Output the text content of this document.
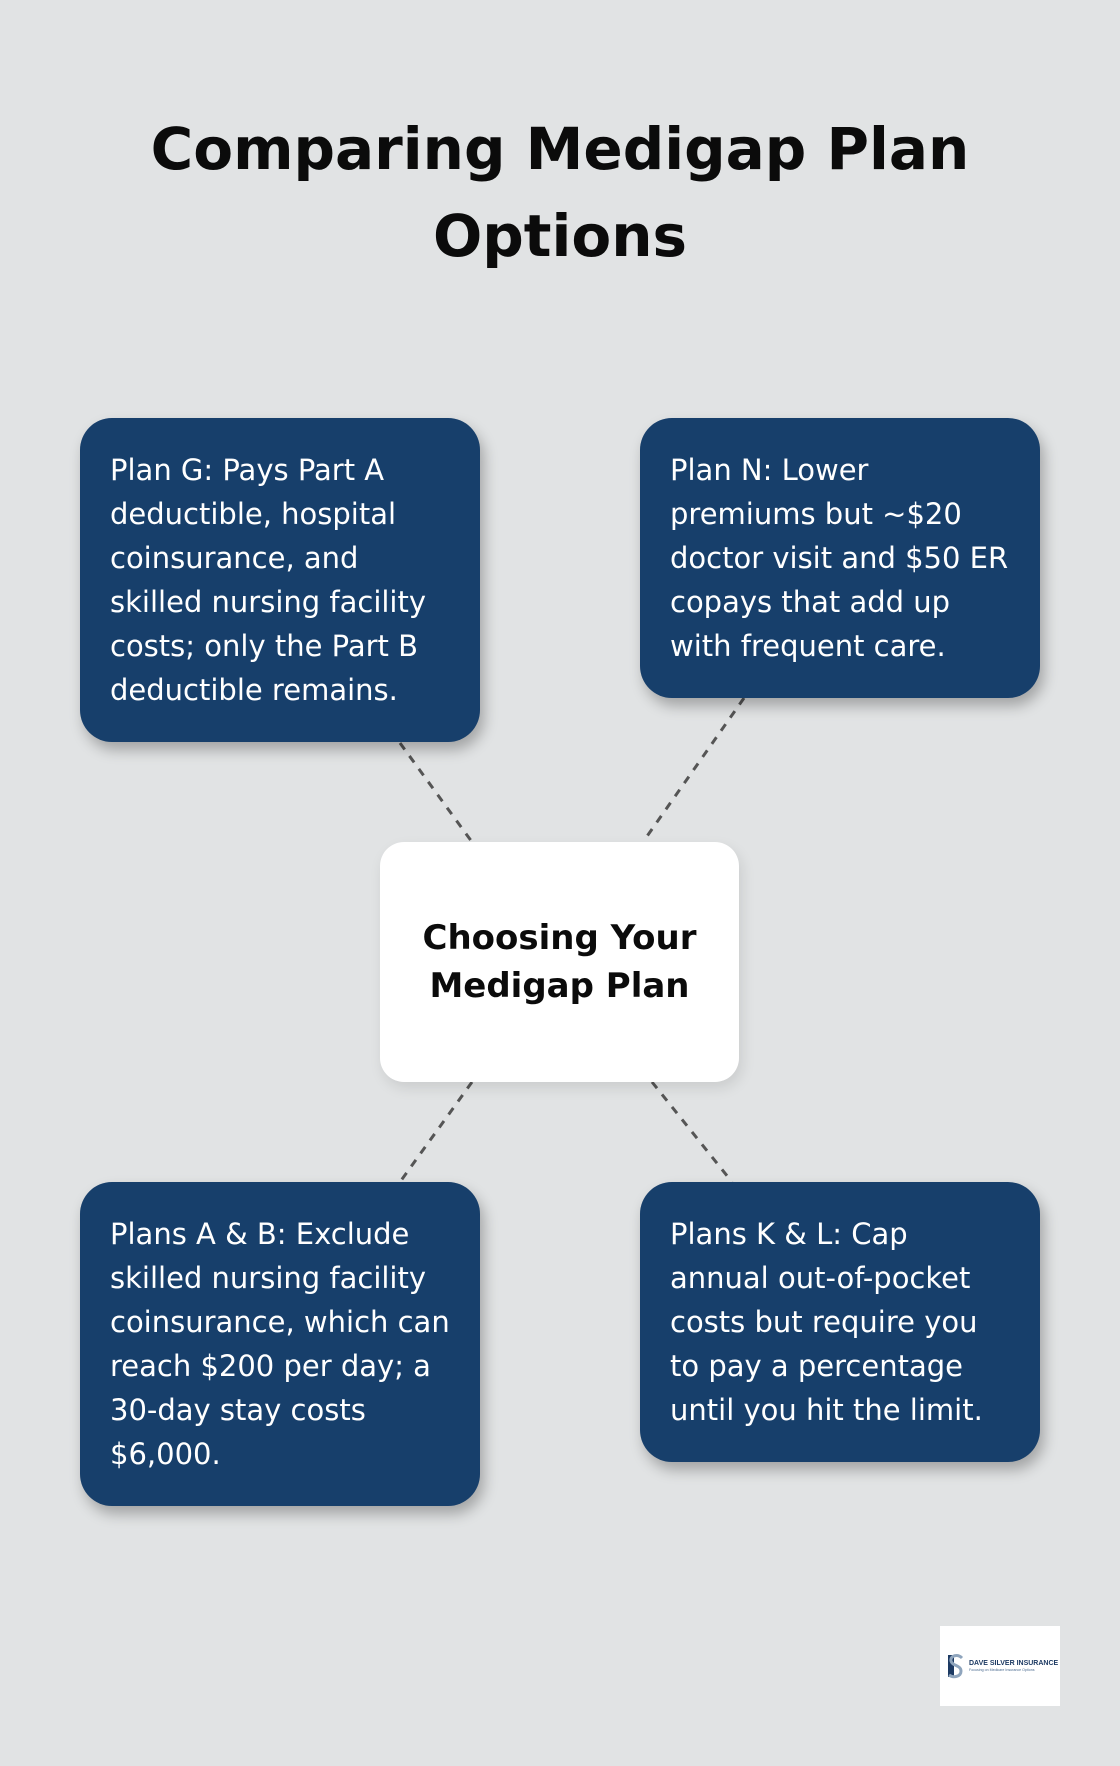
Comparing Medigap Plan Options
Plan G: Pays Part A deductible, hospital coinsurance, and skilled nursing facility costs; only the Part B deductible remains.
Plan N: Lower premiums but ~$20 doctor visit and $50 ER copays that add up with frequent care.
Choosing Your Medigap Plan
Plans A & B: Exclude skilled nursing facility coinsurance, which can reach $200 per day; a 30-day stay costs $6,000.
Plans K & L: Cap annual out-of-pocket costs but require you to pay a percentage until you hit the limit.
DAVE SILVER INSURANCE
Focusing on Medicare Insurance Options
